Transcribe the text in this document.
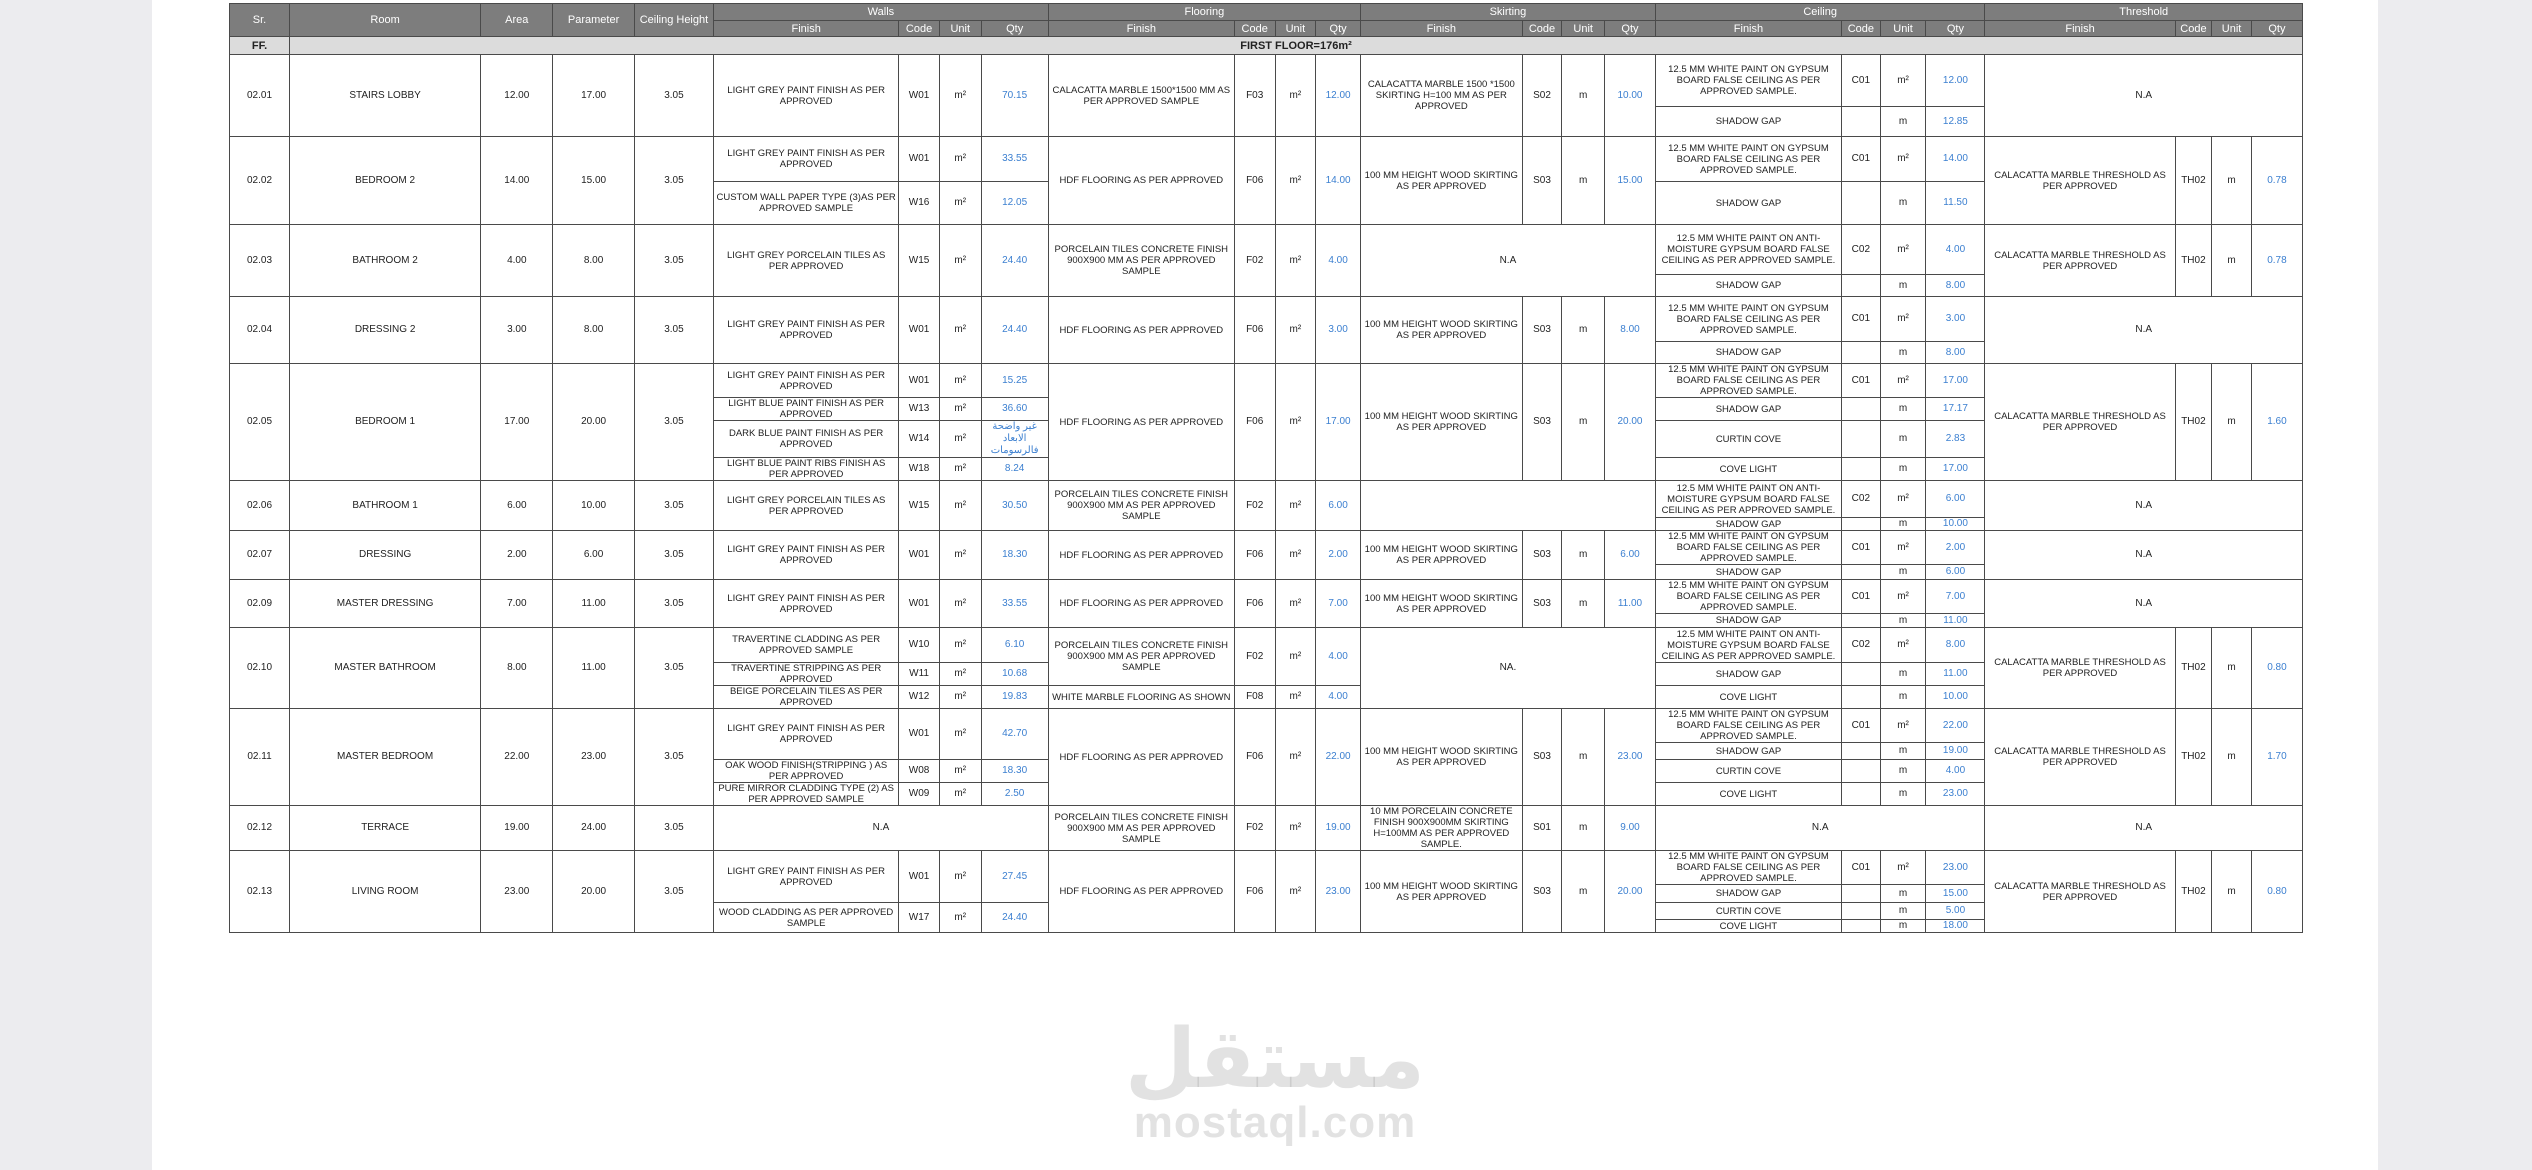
Sr.	Room	Area	Parameter	Ceiling Height	Walls				Flooring				Skirting				Ceiling				Threshold			
					Finish	Code	Unit	Qty	Finish	Code	Unit	Qty	Finish	Code	Unit	Qty	Finish	Code	Unit	Qty	Finish	Code	Unit	Qty
FF.	FIRST FLOOR=176m²																							
02.01	STAIRS LOBBY	12.00	17.00	3.05	LIGHT GREY PAINT FINISH AS PER APPROVED	W01	m²	70.15	CALACATTA MARBLE 1500*1500 MM AS PER APPROVED SAMPLE	F03	m²	12.00	CALACATTA MARBLE 1500 *1500 SKIRTING H=100 MM AS PER APPROVED	S02	m	10.00	12.5 MM WHITE PAINT ON GYPSUM BOARD FALSE CEILING AS PER APPROVED SAMPLE.	C01	m²	12.00	N.A			
																	SHADOW GAP		m	12.85				
02.02	BEDROOM 2	14.00	15.00	3.05	LIGHT GREY PAINT FINISH AS PER APPROVED	W01	m²	33.55	HDF FLOORING AS PER APPROVED	F06	m²	14.00	100 MM HEIGHT WOOD SKIRTING AS PER APPROVED	S03	m	15.00	12.5 MM WHITE PAINT ON GYPSUM BOARD FALSE CEILING AS PER APPROVED SAMPLE.	C01	m²	14.00	CALACATTA MARBLE THRESHOLD AS PER APPROVED	TH02	m	0.78
					CUSTOM WALL PAPER TYPE (3)AS PER APPROVED SAMPLE	W16	m²	12.05									SHADOW GAP		m	11.50				
02.03	BATHROOM 2	4.00	8.00	3.05	LIGHT GREY PORCELAIN TILES AS PER APPROVED	W15	m²	24.40	PORCELAIN TILES CONCRETE FINISH 900X900 MM AS PER APPROVED SAMPLE	F02	m²	4.00	N.A				12.5 MM WHITE PAINT ON ANTI-MOISTURE GYPSUM BOARD FALSE CEILING AS PER APPROVED SAMPLE.	C02	m²	4.00	CALACATTA MARBLE THRESHOLD AS PER APPROVED	TH02	m	0.78
																	SHADOW GAP		m	8.00				
02.04	DRESSING 2	3.00	8.00	3.05	LIGHT GREY PAINT FINISH AS PER APPROVED	W01	m²	24.40	HDF FLOORING AS PER APPROVED	F06	m²	3.00	100 MM HEIGHT WOOD SKIRTING AS PER APPROVED	S03	m	8.00	12.5 MM WHITE PAINT ON GYPSUM BOARD FALSE CEILING AS PER APPROVED SAMPLE.	C01	m²	3.00	N.A			
																	SHADOW GAP		m	8.00				
02.05	BEDROOM 1	17.00	20.00	3.05	LIGHT GREY PAINT FINISH AS PER APPROVED	W01	m²	15.25	HDF FLOORING AS PER APPROVED	F06	m²	17.00	100 MM HEIGHT WOOD SKIRTING AS PER APPROVED	S03	m	20.00	12.5 MM WHITE PAINT ON GYPSUM BOARD FALSE CEILING AS PER APPROVED SAMPLE.	C01	m²	17.00	CALACATTA MARBLE THRESHOLD AS PER APPROVED	TH02	m	1.60
					LIGHT BLUE PAINT FINISH AS PER APPROVED	W13	m²	36.60									SHADOW GAP		m	17.17				
					DARK BLUE PAINT FINISH AS PER APPROVED	W14	m²	غير واضحة الابعاد فالرسومات									CURTIN COVE		m	2.83				
					LIGHT BLUE PAINT RIBS FINISH AS PER APPROVED	W18	m²	8.24									COVE LIGHT		m	17.00				
02.06	BATHROOM 1	6.00	10.00	3.05	LIGHT GREY PORCELAIN TILES AS PER APPROVED	W15	m²	30.50	PORCELAIN TILES CONCRETE FINISH 900X900 MM AS PER APPROVED SAMPLE	F02	m²	6.00					12.5 MM WHITE PAINT ON ANTI-MOISTURE GYPSUM BOARD FALSE CEILING AS PER APPROVED SAMPLE.	C02	m²	6.00	N.A			
																	SHADOW GAP		m	10.00				
02.07	DRESSING	2.00	6.00	3.05	LIGHT GREY PAINT FINISH AS PER APPROVED	W01	m²	18.30	HDF FLOORING AS PER APPROVED	F06	m²	2.00	100 MM HEIGHT WOOD SKIRTING AS PER APPROVED	S03	m	6.00	12.5 MM WHITE PAINT ON GYPSUM BOARD FALSE CEILING AS PER APPROVED SAMPLE.	C01	m²	2.00	N.A			
																	SHADOW GAP		m	6.00				
02.09	MASTER DRESSING	7.00	11.00	3.05	LIGHT GREY PAINT FINISH AS PER APPROVED	W01	m²	33.55	HDF FLOORING AS PER APPROVED	F06	m²	7.00	100 MM HEIGHT WOOD SKIRTING AS PER APPROVED	S03	m	11.00	12.5 MM WHITE PAINT ON GYPSUM BOARD FALSE CEILING AS PER APPROVED SAMPLE.	C01	m²	7.00	N.A			
																	SHADOW GAP		m	11.00				
02.10	MASTER BATHROOM	8.00	11.00	3.05	TRAVERTINE CLADDING AS PER APPROVED SAMPLE	W10	m²	6.10	PORCELAIN TILES CONCRETE FINISH 900X900 MM AS PER APPROVED SAMPLE	F02	m²	4.00	NA.				12.5 MM WHITE PAINT ON ANTI-MOISTURE GYPSUM BOARD FALSE CEILING AS PER APPROVED SAMPLE.	C02	m²	8.00	CALACATTA MARBLE THRESHOLD AS PER APPROVED	TH02	m	0.80
					TRAVERTINE STRIPPING AS PER APPROVED	W11	m²	10.68									SHADOW GAP		m	11.00				
					BEIGE PORCELAIN TILES AS PER APPROVED	W12	m²	19.83	WHITE MARBLE FLOORING AS SHOWN	F08	m²	4.00					COVE LIGHT		m	10.00				
02.11	MASTER BEDROOM	22.00	23.00	3.05	LIGHT GREY PAINT FINISH AS PER APPROVED	W01	m²	42.70	HDF FLOORING AS PER APPROVED	F06	m²	22.00	100 MM HEIGHT WOOD SKIRTING AS PER APPROVED	S03	m	23.00	12.5 MM WHITE PAINT ON GYPSUM BOARD FALSE CEILING AS PER APPROVED SAMPLE.	C01	m²	22.00	CALACATTA MARBLE THRESHOLD AS PER APPROVED	TH02	m	1.70
																	SHADOW GAP		m	19.00				
					OAK WOOD FINISH(STRIPPING ) AS PER APPROVED	W08	m²	18.30									CURTIN COVE		m	4.00				
					PURE MIRROR CLADDING TYPE (2) AS PER APPROVED SAMPLE	W09	m²	2.50									COVE LIGHT		m	23.00				
02.12	TERRACE	19.00	24.00	3.05	N.A				PORCELAIN TILES CONCRETE FINISH 900X900 MM AS PER APPROVED SAMPLE	F02	m²	19.00	10 MM PORCELAIN CONCRETE FINISH 900X900MM SKIRTING H=100MM AS PER APPROVED SAMPLE.	S01	m	9.00	N.A				N.A			
02.13	LIVING ROOM	23.00	20.00	3.05	LIGHT GREY PAINT FINISH AS PER APPROVED	W01	m²	27.45	HDF FLOORING AS PER APPROVED	F06	m²	23.00	100 MM HEIGHT WOOD SKIRTING AS PER APPROVED	S03	m	20.00	12.5 MM WHITE PAINT ON GYPSUM BOARD FALSE CEILING AS PER APPROVED SAMPLE.	C01	m²	23.00	CALACATTA MARBLE THRESHOLD AS PER APPROVED	TH02	m	0.80
																	SHADOW GAP		m	15.00				
					WOOD CLADDING AS PER APPROVED SAMPLE	W17	m²	24.40									CURTIN COVE		m	5.00				
																	COVE LIGHT		m	18.00				
مستقل
mostaql.com
